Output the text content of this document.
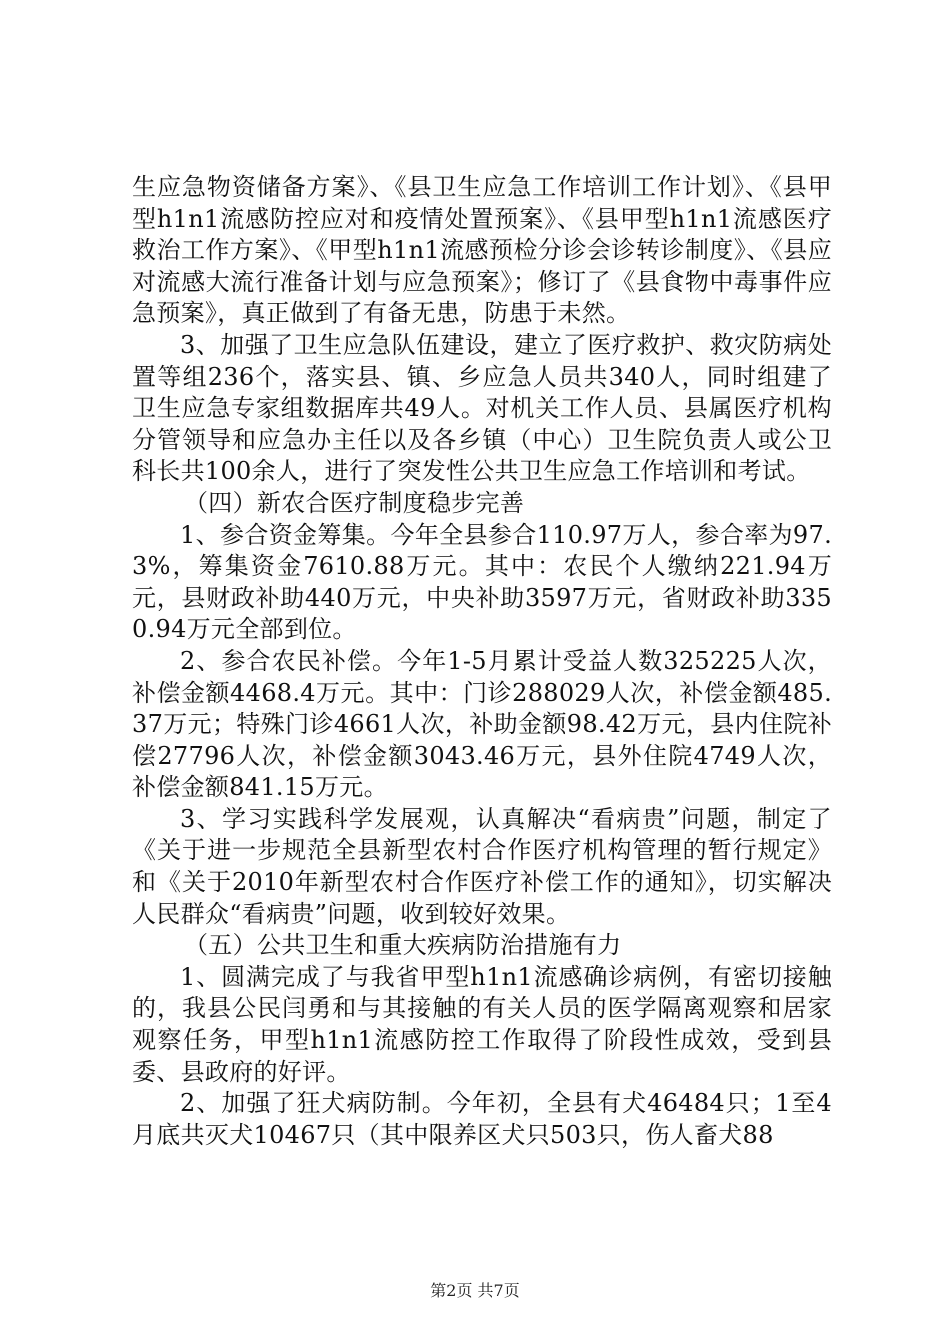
生应急物资储备方案》、《县卫生应急工作培训工作计划》、《县甲型h1n1流感防控应对和疫情处置预案》、《县甲型h1n1流感医疗救治工作方案》、《甲型h1n1流感预检分诊会诊转诊制度》、《县应对流感大流行准备计划与应急预案》；修订了《县食物中毒事件应急预案》，真正做到了有备无患，防患于未然。

3、加强了卫生应急队伍建设，建立了医疗救护、救灾防病处置等组236个，落实县、镇、乡应急人员共340人，同时组建了卫生应急专家组数据库共49人。对机关工作人员、县属医疗机构分管领导和应急办主任以及各乡镇（中心）卫生院负责人或公卫科长共100余人，进行了突发性公共卫生应急工作培训和考试。

（四）新农合医疗制度稳步完善

1、参合资金筹集。今年全县参合110.97万人，参合率为97.3%，筹集资金7610.88万元。其中：农民个人缴纳221.94万元，县财政补助440万元，中央补助3597万元，省财政补助3350.94万元全部到位。

2、参合农民补偿。今年1-5月累计受益人数325225人次，补偿金额4468.4万元。其中：门诊288029人次，补偿金额485.37万元；特殊门诊4661人次，补助金额98.42万元，县内住院补偿27796人次，补偿金额3043.46万元，县外住院4749人次，补偿金额841.15万元。

3、学习实践科学发展观，认真解决“看病贵”问题，制定了《关于进一步规范全县新型农村合作医疗机构管理的暂行规定》和《关于2010年新型农村合作医疗补偿工作的通知》，切实解决人民群众“看病贵”问题，收到较好效果。

（五）公共卫生和重大疾病防治措施有力

1、圆满完成了与我省甲型h1n1流感确诊病例，有密切接触的，我县公民闫勇和与其接触的有关人员的医学隔离观察和居家观察任务，甲型h1n1流感防控工作取得了阶段性成效，受到县委、县政府的好评。

2、加强了狂犬病防制。今年初，全县有犬46484只；1至4月底共灭犬10467只（其中限养区犬只503只，伤人畜犬88

第2页 共7页
